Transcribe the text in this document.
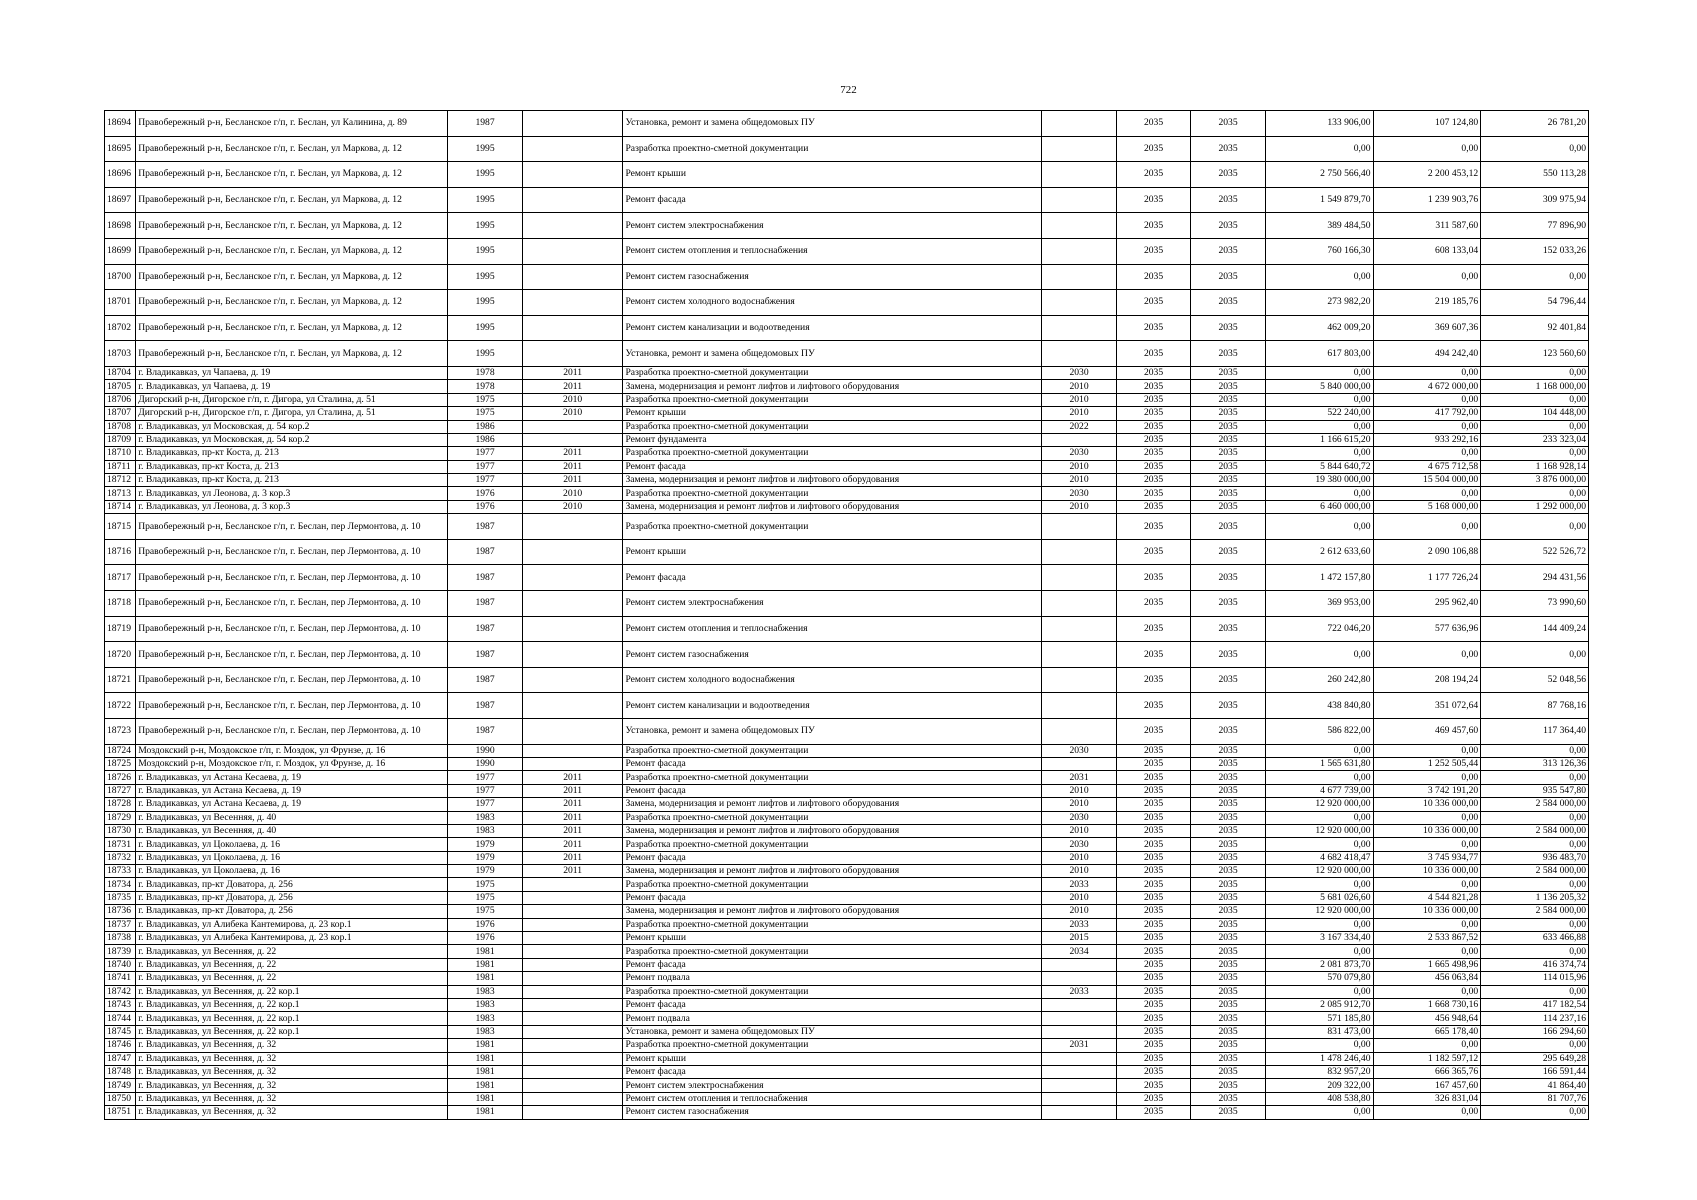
722
18694	Правобережный р-н, Бесланское г/п, г. Беслан, ул Калинина, д. 89	1987		Установка, ремонт и замена общедомовых ПУ		2035	2035	133 906,00	107 124,80	26 781,20
18695	Правобережный р-н, Бесланское г/п, г. Беслан, ул Маркова, д. 12	1995		Разработка проектно-сметной документации		2035	2035	0,00	0,00	0,00
18696	Правобережный р-н, Бесланское г/п, г. Беслан, ул Маркова, д. 12	1995		Ремонт крыши		2035	2035	2 750 566,40	2 200 453,12	550 113,28
18697	Правобережный р-н, Бесланское г/п, г. Беслан, ул Маркова, д. 12	1995		Ремонт фасада		2035	2035	1 549 879,70	1 239 903,76	309 975,94
18698	Правобережный р-н, Бесланское г/п, г. Беслан, ул Маркова, д. 12	1995		Ремонт систем электроснабжения		2035	2035	389 484,50	311 587,60	77 896,90
18699	Правобережный р-н, Бесланское г/п, г. Беслан, ул Маркова, д. 12	1995		Ремонт систем отопления и теплоснабжения		2035	2035	760 166,30	608 133,04	152 033,26
18700	Правобережный р-н, Бесланское г/п, г. Беслан, ул Маркова, д. 12	1995		Ремонт систем газоснабжения		2035	2035	0,00	0,00	0,00
18701	Правобережный р-н, Бесланское г/п, г. Беслан, ул Маркова, д. 12	1995		Ремонт систем холодного водоснабжения		2035	2035	273 982,20	219 185,76	54 796,44
18702	Правобережный р-н, Бесланское г/п, г. Беслан, ул Маркова, д. 12	1995		Ремонт систем канализации и водоотведения		2035	2035	462 009,20	369 607,36	92 401,84
18703	Правобережный р-н, Бесланское г/п, г. Беслан, ул Маркова, д. 12	1995		Установка, ремонт и замена общедомовых ПУ		2035	2035	617 803,00	494 242,40	123 560,60
18704	г. Владикавказ, ул Чапаева, д. 19	1978	2011	Разработка проектно-сметной документации	2030	2035	2035	0,00	0,00	0,00
18705	г. Владикавказ, ул Чапаева, д. 19	1978	2011	Замена, модернизация и ремонт лифтов и лифтового оборудования	2010	2035	2035	5 840 000,00	4 672 000,00	1 168 000,00
18706	Дигорский р-н, Дигорское г/п, г. Дигора, ул Сталина, д. 51	1975	2010	Разработка проектно-сметной документации	2010	2035	2035	0,00	0,00	0,00
18707	Дигорский р-н, Дигорское г/п, г. Дигора, ул Сталина, д. 51	1975	2010	Ремонт крыши	2010	2035	2035	522 240,00	417 792,00	104 448,00
18708	г. Владикавказ, ул Московская, д. 54 кор.2	1986		Разработка проектно-сметной документации	2022	2035	2035	0,00	0,00	0,00
18709	г. Владикавказ, ул Московская, д. 54 кор.2	1986		Ремонт фундамента		2035	2035	1 166 615,20	933 292,16	233 323,04
18710	г. Владикавказ, пр-кт Коста, д. 213	1977	2011	Разработка проектно-сметной документации	2030	2035	2035	0,00	0,00	0,00
18711	г. Владикавказ, пр-кт Коста, д. 213	1977	2011	Ремонт фасада	2010	2035	2035	5 844 640,72	4 675 712,58	1 168 928,14
18712	г. Владикавказ, пр-кт Коста, д. 213	1977	2011	Замена, модернизация и ремонт лифтов и лифтового оборудования	2010	2035	2035	19 380 000,00	15 504 000,00	3 876 000,00
18713	г. Владикавказ, ул Леонова, д. 3 кор.3	1976	2010	Разработка проектно-сметной документации	2030	2035	2035	0,00	0,00	0,00
18714	г. Владикавказ, ул Леонова, д. 3 кор.3	1976	2010	Замена, модернизация и ремонт лифтов и лифтового оборудования	2010	2035	2035	6 460 000,00	5 168 000,00	1 292 000,00
18715	Правобережный р-н, Бесланское г/п, г. Беслан, пер Лермонтова, д. 10	1987		Разработка проектно-сметной документации		2035	2035	0,00	0,00	0,00
18716	Правобережный р-н, Бесланское г/п, г. Беслан, пер Лермонтова, д. 10	1987		Ремонт крыши		2035	2035	2 612 633,60	2 090 106,88	522 526,72
18717	Правобережный р-н, Бесланское г/п, г. Беслан, пер Лермонтова, д. 10	1987		Ремонт фасада		2035	2035	1 472 157,80	1 177 726,24	294 431,56
18718	Правобережный р-н, Бесланское г/п, г. Беслан, пер Лермонтова, д. 10	1987		Ремонт систем электроснабжения		2035	2035	369 953,00	295 962,40	73 990,60
18719	Правобережный р-н, Бесланское г/п, г. Беслан, пер Лермонтова, д. 10	1987		Ремонт систем отопления и теплоснабжения		2035	2035	722 046,20	577 636,96	144 409,24
18720	Правобережный р-н, Бесланское г/п, г. Беслан, пер Лермонтова, д. 10	1987		Ремонт систем газоснабжения		2035	2035	0,00	0,00	0,00
18721	Правобережный р-н, Бесланское г/п, г. Беслан, пер Лермонтова, д. 10	1987		Ремонт систем холодного водоснабжения		2035	2035	260 242,80	208 194,24	52 048,56
18722	Правобережный р-н, Бесланское г/п, г. Беслан, пер Лермонтова, д. 10	1987		Ремонт систем канализации и водоотведения		2035	2035	438 840,80	351 072,64	87 768,16
18723	Правобережный р-н, Бесланское г/п, г. Беслан, пер Лермонтова, д. 10	1987		Установка, ремонт и замена общедомовых ПУ		2035	2035	586 822,00	469 457,60	117 364,40
18724	Моздокский р-н, Моздокское г/п, г. Моздок, ул Фрунзе, д. 16	1990		Разработка проектно-сметной документации	2030	2035	2035	0,00	0,00	0,00
18725	Моздокский р-н, Моздокское г/п, г. Моздок, ул Фрунзе, д. 16	1990		Ремонт фасада		2035	2035	1 565 631,80	1 252 505,44	313 126,36
18726	г. Владикавказ, ул Астана Кесаева, д. 19	1977	2011	Разработка проектно-сметной документации	2031	2035	2035	0,00	0,00	0,00
18727	г. Владикавказ, ул Астана Кесаева, д. 19	1977	2011	Ремонт фасада	2010	2035	2035	4 677 739,00	3 742 191,20	935 547,80
18728	г. Владикавказ, ул Астана Кесаева, д. 19	1977	2011	Замена, модернизация и ремонт лифтов и лифтового оборудования	2010	2035	2035	12 920 000,00	10 336 000,00	2 584 000,00
18729	г. Владикавказ, ул Весенняя, д. 40	1983	2011	Разработка проектно-сметной документации	2030	2035	2035	0,00	0,00	0,00
18730	г. Владикавказ, ул Весенняя, д. 40	1983	2011	Замена, модернизация и ремонт лифтов и лифтового оборудования	2010	2035	2035	12 920 000,00	10 336 000,00	2 584 000,00
18731	г. Владикавказ, ул Цоколаева, д. 16	1979	2011	Разработка проектно-сметной документации	2030	2035	2035	0,00	0,00	0,00
18732	г. Владикавказ, ул Цоколаева, д. 16	1979	2011	Ремонт фасада	2010	2035	2035	4 682 418,47	3 745 934,77	936 483,70
18733	г. Владикавказ, ул Цоколаева, д. 16	1979	2011	Замена, модернизация и ремонт лифтов и лифтового оборудования	2010	2035	2035	12 920 000,00	10 336 000,00	2 584 000,00
18734	г. Владикавказ, пр-кт Доватора, д. 256	1975		Разработка проектно-сметной документации	2033	2035	2035	0,00	0,00	0,00
18735	г. Владикавказ, пр-кт Доватора, д. 256	1975		Ремонт фасада	2010	2035	2035	5 681 026,60	4 544 821,28	1 136 205,32
18736	г. Владикавказ, пр-кт Доватора, д. 256	1975		Замена, модернизация и ремонт лифтов и лифтового оборудования	2010	2035	2035	12 920 000,00	10 336 000,00	2 584 000,00
18737	г. Владикавказ, ул Алибека Кантемирова, д. 23 кор.1	1976		Разработка проектно-сметной документации	2033	2035	2035	0,00	0,00	0,00
18738	г. Владикавказ, ул Алибека Кантемирова, д. 23 кор.1	1976		Ремонт крыши	2015	2035	2035	3 167 334,40	2 533 867,52	633 466,88
18739	г. Владикавказ, ул Весенняя, д. 22	1981		Разработка проектно-сметной документации	2034	2035	2035	0,00	0,00	0,00
18740	г. Владикавказ, ул Весенняя, д. 22	1981		Ремонт фасада		2035	2035	2 081 873,70	1 665 498,96	416 374,74
18741	г. Владикавказ, ул Весенняя, д. 22	1981		Ремонт подвала		2035	2035	570 079,80	456 063,84	114 015,96
18742	г. Владикавказ, ул Весенняя, д. 22 кор.1	1983		Разработка проектно-сметной документации	2033	2035	2035	0,00	0,00	0,00
18743	г. Владикавказ, ул Весенняя, д. 22 кор.1	1983		Ремонт фасада		2035	2035	2 085 912,70	1 668 730,16	417 182,54
18744	г. Владикавказ, ул Весенняя, д. 22 кор.1	1983		Ремонт подвала		2035	2035	571 185,80	456 948,64	114 237,16
18745	г. Владикавказ, ул Весенняя, д. 22 кор.1	1983		Установка, ремонт и замена общедомовых ПУ		2035	2035	831 473,00	665 178,40	166 294,60
18746	г. Владикавказ, ул Весенняя, д. 32	1981		Разработка проектно-сметной документации	2031	2035	2035	0,00	0,00	0,00
18747	г. Владикавказ, ул Весенняя, д. 32	1981		Ремонт крыши		2035	2035	1 478 246,40	1 182 597,12	295 649,28
18748	г. Владикавказ, ул Весенняя, д. 32	1981		Ремонт фасада		2035	2035	832 957,20	666 365,76	166 591,44
18749	г. Владикавказ, ул Весенняя, д. 32	1981		Ремонт систем электроснабжения		2035	2035	209 322,00	167 457,60	41 864,40
18750	г. Владикавказ, ул Весенняя, д. 32	1981		Ремонт систем отопления и теплоснабжения		2035	2035	408 538,80	326 831,04	81 707,76
18751	г. Владикавказ, ул Весенняя, д. 32	1981		Ремонт систем газоснабжения		2035	2035	0,00	0,00	0,00
